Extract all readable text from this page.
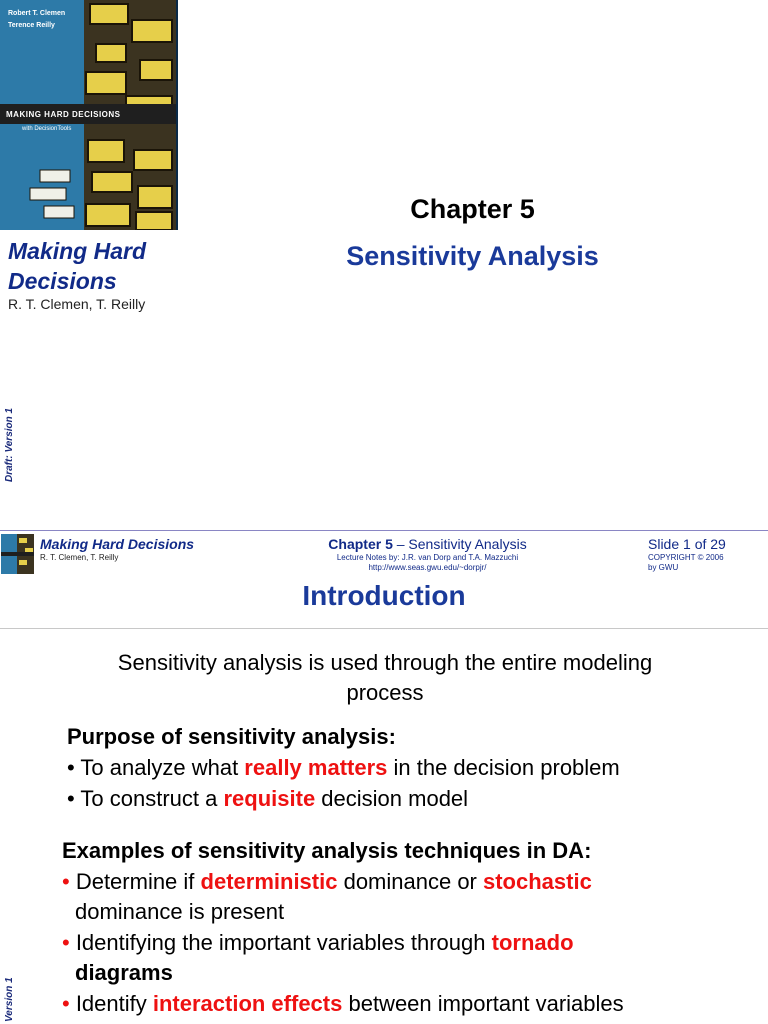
Robert T. Clemen
Terence Reilly
MAKING HARD DECISIONS
with DecisionTools
Making Hard Decisions
R. T. Clemen, T. Reilly
Chapter 5
Sensitivity Analysis
Draft: Version 1
Making Hard Decisions
R. T. Clemen, T. Reilly
Chapter 5 – Sensitivity Analysis
Lecture Notes by: J.R. van Dorp and T.A. Mazzuchi
http://www.seas.gwu.edu/~dorpjr/
Slide 1 of 29
COPYRIGHT © 2006
by GWU
Introduction
Sensitivity analysis is used through the entire modeling process
Purpose of sensitivity analysis:
• To analyze what really matters in the decision problem
• To construct a requisite decision model
Examples of sensitivity analysis techniques in DA:
• Determine if deterministic dominance or stochastic
dominance is present
• Identifying the important variables through tornado
diagrams
• Identify interaction effects between important variables
Version 1
